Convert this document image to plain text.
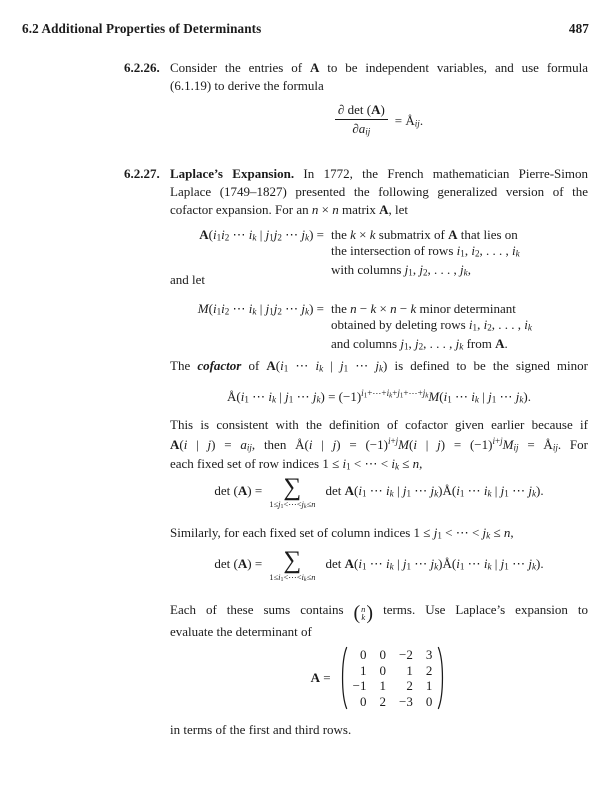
6.2 Additional Properties of Determinants	487
6.2.26. Consider the entries of A to be independent variables, and use formula
(6.1.19) to derive the formula
$\frac{\partial \det (A)}{\text{∂aij}}$ = Åij.
6.2.27. Laplace’s Expansion. In 1772, the French mathematician Pierre-Simon
Laplace (1749–1827) presented the following generalized version of the
cofactor expansion. For an n × n matrix A, let
A(i1i2 ⋯ ik | j1j2 ⋯ jk) = the k × k submatrix of A that lies on
the intersection of rows i1, i2, . . . , ik
with columns j1, j2, . . . , jk,
and let
M(i1i2 ⋯ ik | j1j2 ⋯ jk) = the n − k × n − k minor determinant
obtained by deleting rows i1, i2, . . . , ik
and columns j1, j2, . . . , jk from A.
The cofactor of A(i1 ⋯ ik | j1 ⋯ jk) is defined to be the signed minor
Å(i1 ⋯ ik | j1 ⋯ $jk) = (-1)^{i1+\cdots+ik+j1+\cdots+jk}M(i1$ ⋯ ik | j1 ⋯ jk).
This is consistent with the definition of cofactor given earlier because if
A(i | j) = aij, then Å(i | $j) = (-1)^{i+j}M(i$ | $j) = (-1)^{i+j}Mij$ = Åij. For
each fixed set of row indices 1 ≤ i1 < ⋯ < ik ≤ n,
det (A) = ∑
1≤j1<⋯<jk≤n
det A(i1 ⋯ ik | j1 ⋯ jk)Å(i1 ⋯ ik | j1 ⋯ jk).
Similarly, for each fixed set of column indices 1 ≤ j1 < ⋯ < jk ≤ n,
det (A) = ∑
1≤i1<⋯<ik≤n
det A(i1 ⋯ ik | j1 ⋯ jk)Å(i1 ⋯ ik | j1 ⋯ jk).
Each of these sums contains ( n
k ) terms. Use Laplace’s expansion to
evaluate the determinant of
A =
0 0 −2 3
1 0 1 2
−1 1 2 1
0 2 −3 0
in terms of the first and third rows.
